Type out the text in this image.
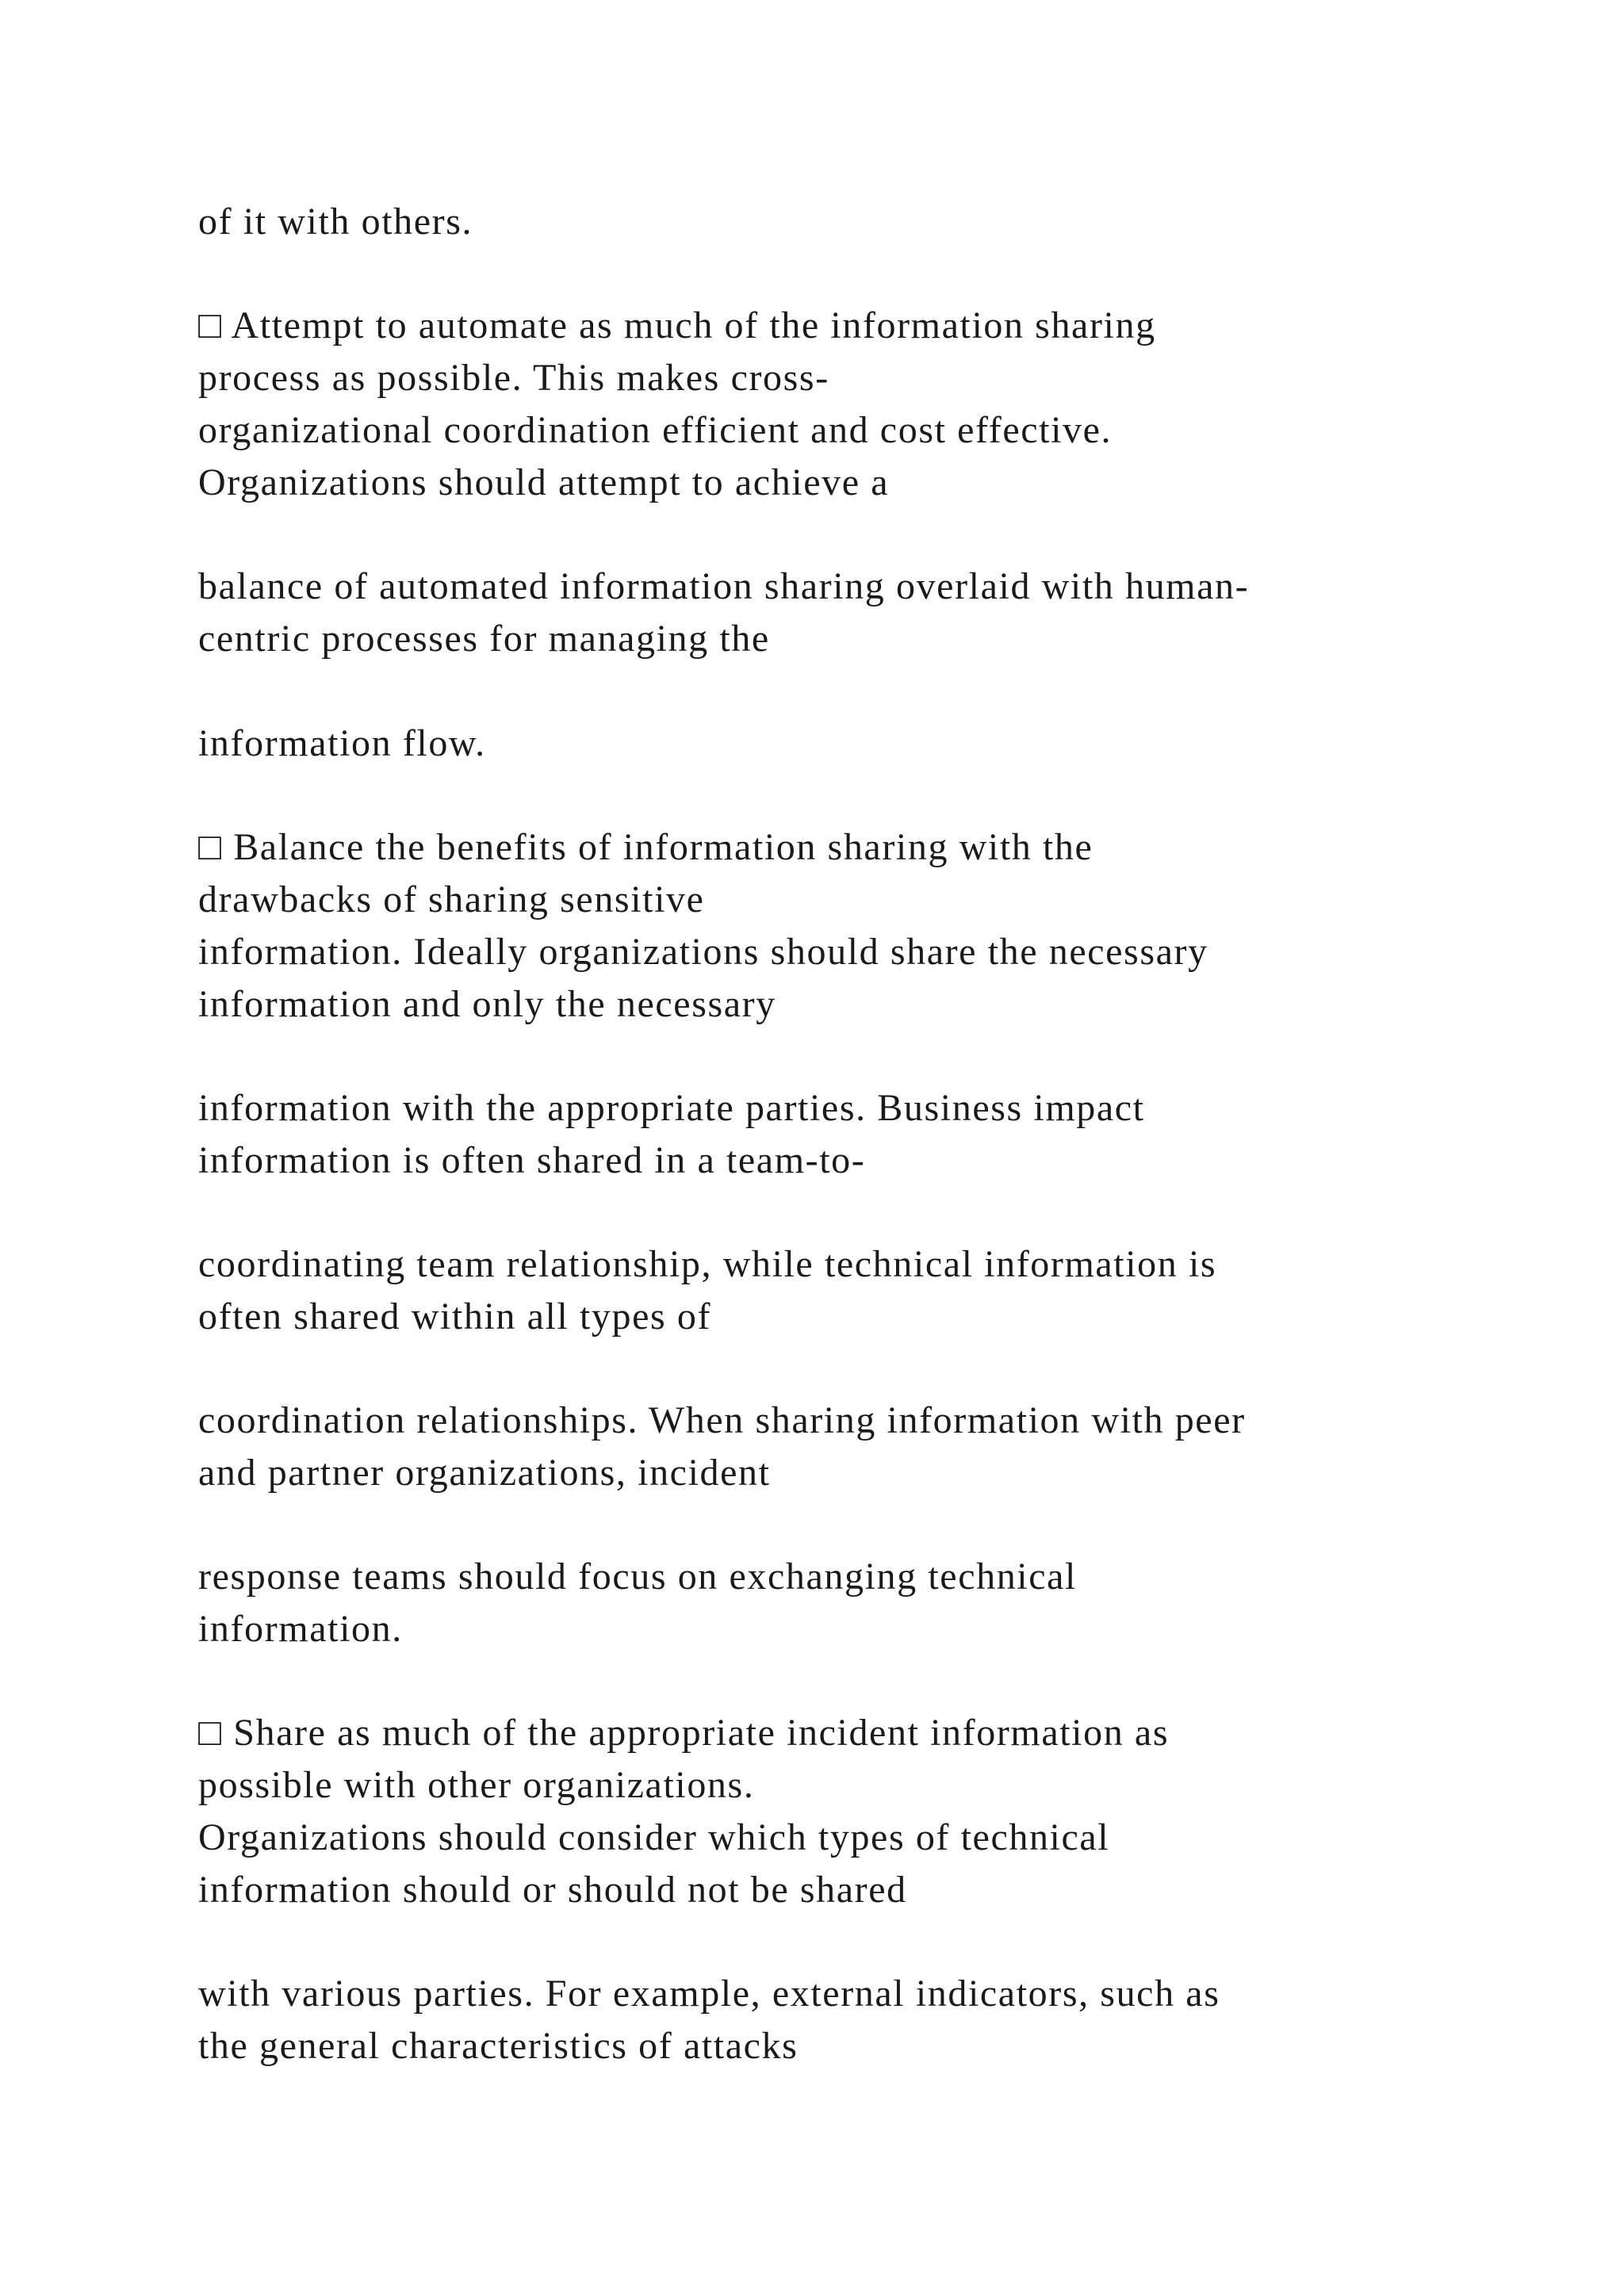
of it with others.

□ Attempt to automate as much of the information sharing

process as possible. This makes cross-

organizational coordination efficient and cost effective.

Organizations should attempt to achieve a

balance of automated information sharing overlaid with human-

centric processes for managing the

information flow.

□ Balance the benefits of information sharing with the

drawbacks of sharing sensitive

information. Ideally organizations should share the necessary

information and only the necessary

information with the appropriate parties. Business impact

information is often shared in a team-to-

coordinating team relationship, while technical information is

often shared within all types of

coordination relationships. When sharing information with peer

and partner organizations, incident

response teams should focus on exchanging technical

information.

□ Share as much of the appropriate incident information as

possible with other organizations.

Organizations should consider which types of technical

information should or should not be shared

with various parties. For example, external indicators, such as

the general characteristics of attacks
